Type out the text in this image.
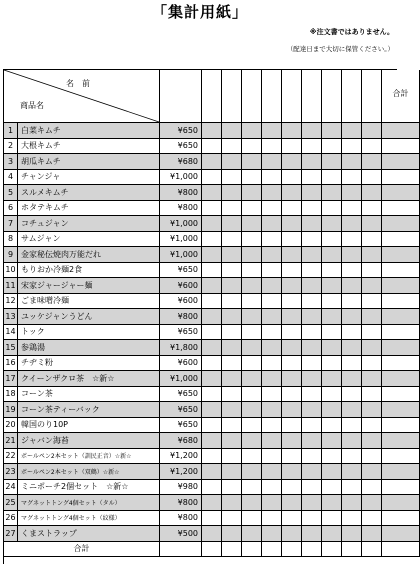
「集計用紙」
※注文書ではありません。
（配達日まで大切に保管ください。）
名前
商品名
合計
1 白菜キムチ	¥650
2 大根キムチ	¥650
3 胡瓜キムチ	¥680
4 チャンジャ	¥1,000
5 スルメキムチ	¥800
6 ホタテキムチ	¥800
7 コチュジャン	¥1,000
8 サムジャン	¥1,000
9 金家秘伝焼肉万能だれ	¥1,000
10 もりおか冷麺2食	¥650
11 宋家ジャージャー麺	¥600
12 ごま味噌冷麺	¥600
13 ユッケジャンうどん	¥800
14 トック	¥650
15 参鶏湯	¥1,800
16 チヂミ粉	¥600
17 クイーンザクロ茶　☆新☆	¥1,000
18 コーン茶	¥650
19 コーン茶ティーバック	¥650
20 韓国のり10P	¥650
21 ジャバン海苔	¥680
22 ボールペン2本セット（訓民正音）☆新☆	¥1,200
23 ボールペン2本セット（双鶴）☆新☆	¥1,200
24 ミニポーチ2個セット　☆新☆	¥980
25 マグネットトング4個セット（タル）	¥800
26 マグネットトング4個セット（紋様）	¥800
27 くまストラップ	¥500
合計
